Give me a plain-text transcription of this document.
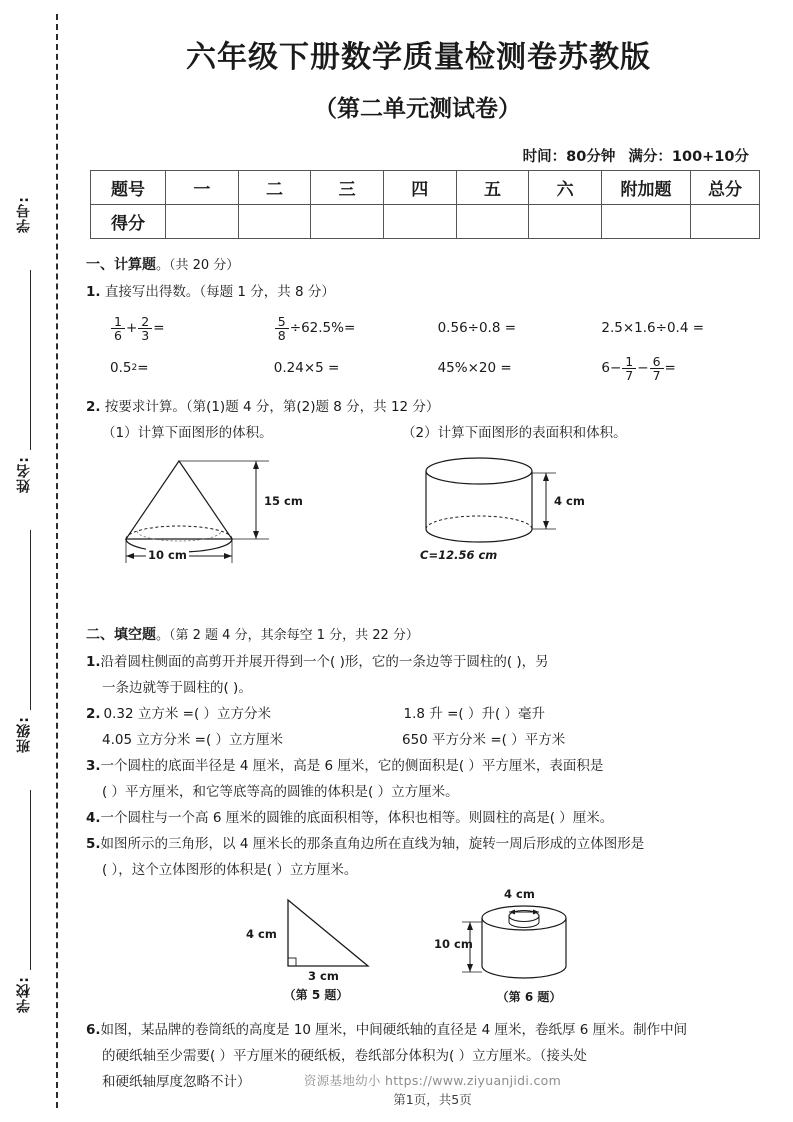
学号:
姓名:
班级:
学校:
六年级下册数学质量检测卷苏教版
（第二单元测试卷）
时间：80分钟 满分：100+10分
题号	一	二	三	四	五	六	附加题	总分
得分								
一、计算题。（共 20 分）
1. 直接写出得数。（每题 1 分，共 8 分）
$\frac{1}{6} + \frac{2}{3}$ =	$\frac{5}{8} \div 62.5\%$ =	0.56÷0.8 =	2.5×1.6÷0.4 =
0.5 2 =	0.24×5 =	45%×20 =	$6- \frac{1}{7} - \frac{6}{7}$ =
2. 按要求计算。（第(1)题 4 分，第(2)题 8 分，共 12 分）
（1）计算下面图形的体积。	（2）计算下面图形的表面积和体积。
15 cm
10 cm
4 cm
C=12.56 cm
二、填空题。（第 2 题 4 分，其余每空 1 分，共 22 分）
1.沿着圆柱侧面的高剪开并展开得到一个( )形，它的一条边等于圆柱的( )，另
一条边就等于圆柱的( )。
2. 0.32 立方米 =( ）立方分米	1.8 升 =( ）升( ）毫升
4.05 立方分米 =( ）立方厘米	650 平方分米 =( ）平方米
3.一个圆柱的底面半径是 4 厘米，高是 6 厘米，它的侧面积是( ）平方厘米，表面积是
( ）平方厘米，和它等底等高的圆锥的体积是( ）立方厘米。
4.一个圆柱与一个高 6 厘米的圆锥的底面积相等，体积也相等。则圆柱的高是( ）厘米。
5.如图所示的三角形，以 4 厘米长的那条直角边所在直线为轴，旋转一周后形成的立体图形是
( ），这个立体图形的体积是( ）立方厘米。
4 cm
3 cm
（第 5 题）
4 cm
10 cm
（第 6 题）
6.如图，某品牌的卷筒纸的高度是 10 厘米，中间硬纸轴的直径是 4 厘米，卷纸厚 6 厘米。制作中间
的硬纸轴至少需要( ）平方厘米的硬纸板，卷纸部分体积为( ）立方厘米。（接头处
和硬纸轴厚度忽略不计）	资源基地幼小 https://www.ziyuanjidi.com
第1页，共5页
